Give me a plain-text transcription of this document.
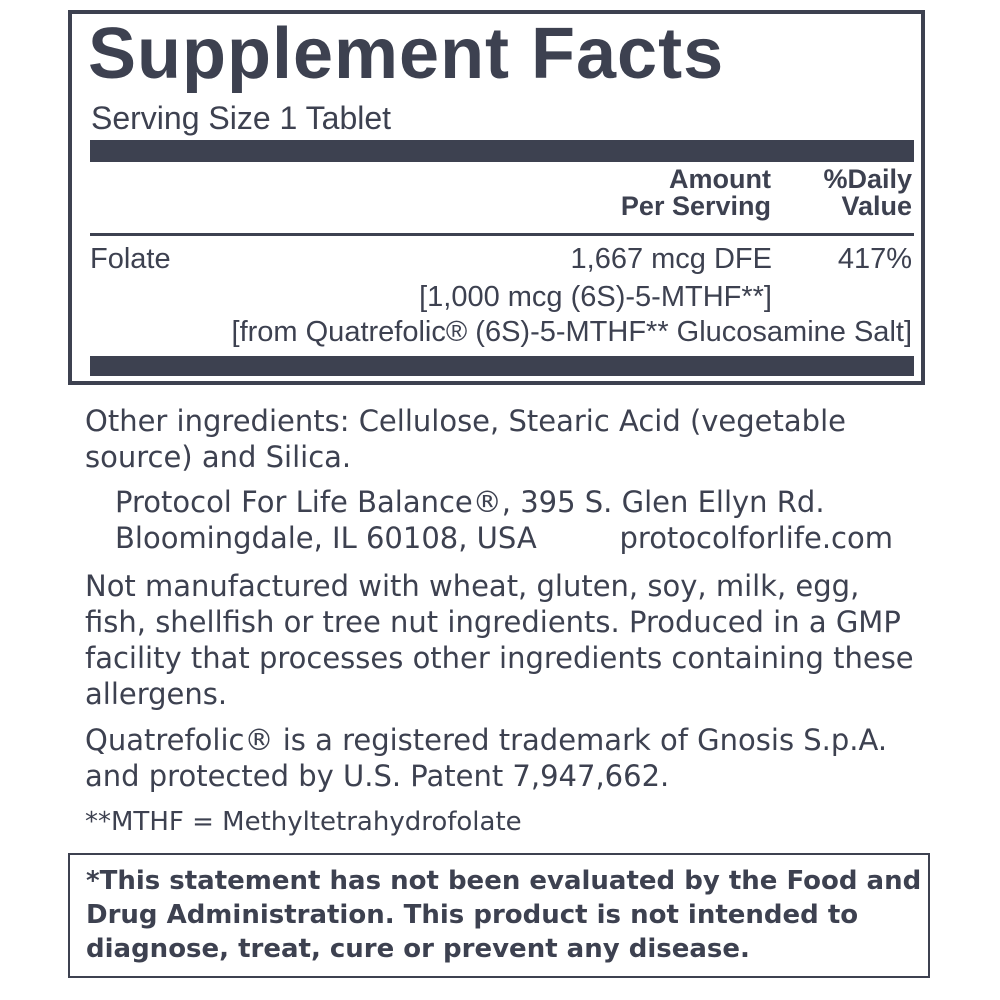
Supplement Facts
Serving Size 1 Tablet
Amount
Per Serving
%Daily
Value
Folate	1,667 mcg DFE 417%
[1,000 mcg (6S)-5-MTHF**]
[from Quatrefolic® (6S)-5-MTHF** Glucosamine Salt]
Other ingredients: Cellulose, Stearic Acid (vegetable source) and Silica.
Protocol For Life Balance®, 395 S. Glen Ellyn Rd.
Bloomingdale, IL 60108, USA	protocolforlife.com
Not manufactured with wheat, gluten, soy, milk, egg, fish, shellfish or tree nut ingredients. Produced in a GMP facility that processes other ingredients containing these allergens.
Quatrefolic® is a registered trademark of Gnosis S.p.A. and protected by U.S. Patent 7,947,662.
**MTHF = Methyltetrahydrofolate
*This statement has not been evaluated by the Food and Drug Administration. This product is not intended to diagnose, treat, cure or prevent any disease.
